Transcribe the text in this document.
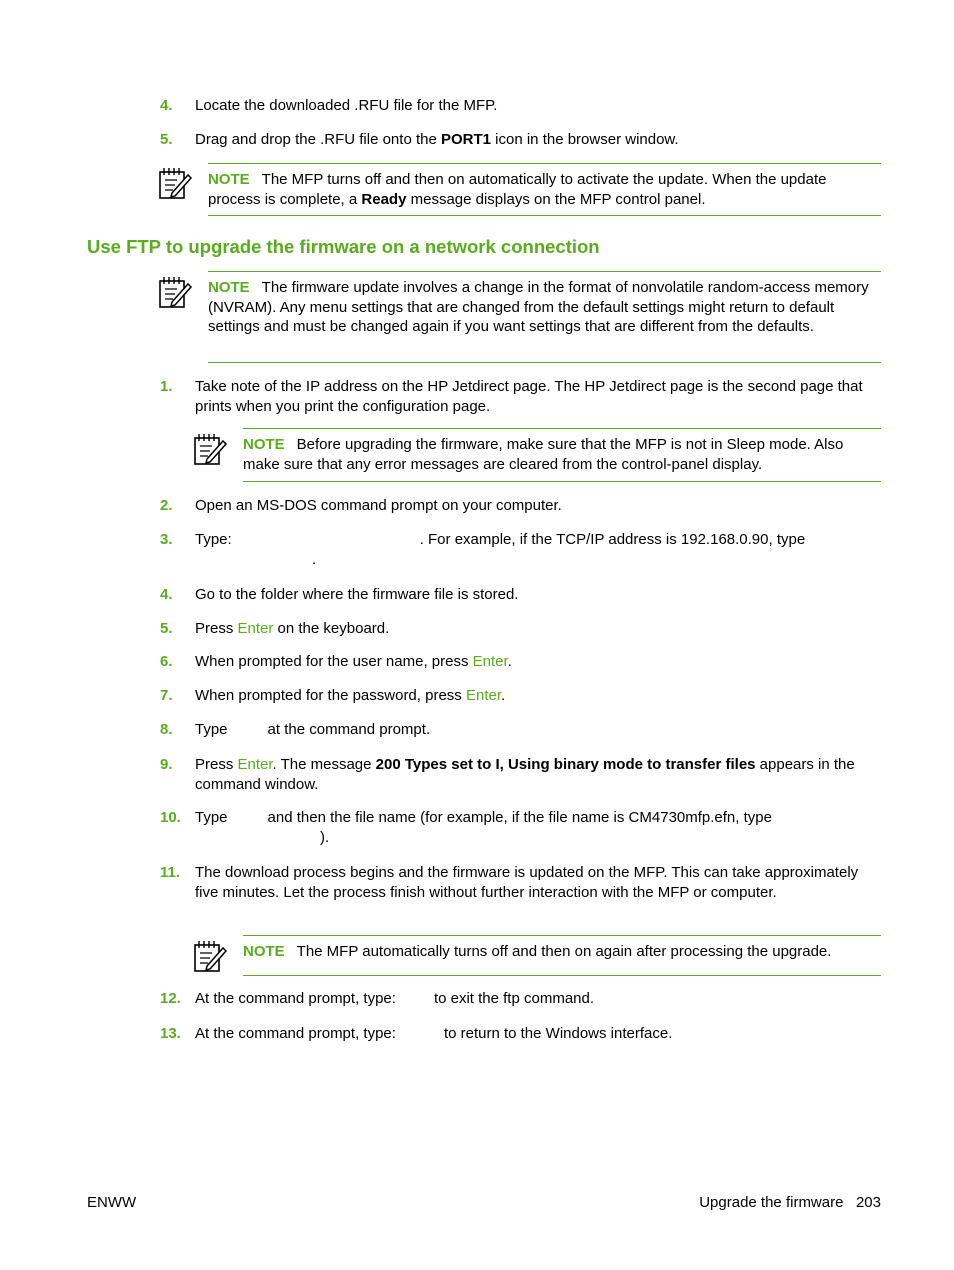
4. Locate the downloaded .RFU file for the MFP.
5. Drag and drop the .RFU file onto the PORT1 icon in the browser window.
NOTE The MFP turns off and then on automatically to activate the update. When the update process is complete, a Ready message displays on the MFP control panel.
Use FTP to upgrade the firmware on a network connection
NOTE The firmware update involves a change in the format of nonvolatile random-access memory (NVRAM). Any menu settings that are changed from the default settings might return to default settings and must be changed again if you want settings that are different from the defaults.
1. Take note of the IP address on the HP Jetdirect page. The HP Jetdirect page is the second page that prints when you print the configuration page.
NOTE Before upgrading the firmware, make sure that the MFP is not in Sleep mode. Also make sure that any error messages are cleared from the control-panel display.
2. Open an MS-DOS command prompt on your computer.
3. Type:	. For example, if the TCP/IP address is 192.168.0.90, type
.
4. Go to the folder where the firmware file is stored.
5. Press Enter on the keyboard.
6. When prompted for the user name, press Enter.
7. When prompted for the password, press Enter.
8. Type	at the command prompt.
9. Press Enter. The message 200 Types set to I, Using binary mode to transfer files appears in the command window.
10. Type	and then the file name (for example, if the file name is CM4730mfp.efn, type
).
11. The download process begins and the firmware is updated on the MFP. This can take approximately five minutes. Let the process finish without further interaction with the MFP or computer.
NOTE The MFP automatically turns off and then on again after processing the upgrade.
12. At the command prompt, type:	to exit the ftp command.
13. At the command prompt, type:	to return to the Windows interface.
ENWW	Upgrade the firmware 203
